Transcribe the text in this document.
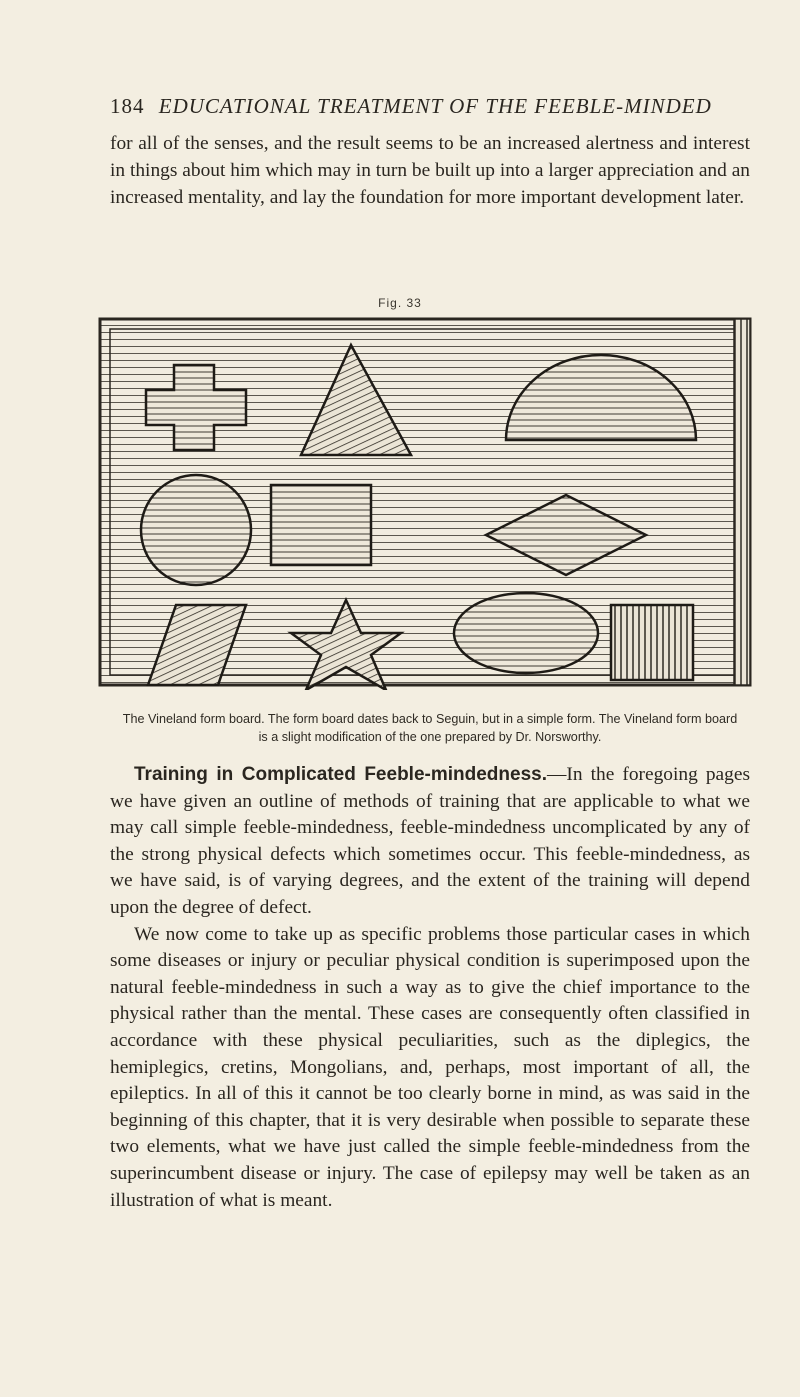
184 EDUCATIONAL TREATMENT OF THE FEEBLE-MINDED
for all of the senses, and the result seems to be an increased alertness and interest in things about him which may in turn be built up into a larger appreciation and an increased mentality, and lay the foundation for more important development later.
Fig. 33
The Vineland form board. The form board dates back to Seguin, but in a simple form. The Vineland form board is a slight modification of the one prepared by Dr. Norsworthy.

Training in Complicated Feeble-mindedness.—In the foregoing pages we have given an outline of methods of training that are applicable to what we may call simple feeble-mindedness, feeble-mindedness uncomplicated by any of the strong physical defects which sometimes occur. This feeble-mindedness, as we have said, is of varying degrees, and the extent of the training will depend upon the degree of defect.

We now come to take up as specific problems those particular cases in which some diseases or injury or peculiar physical condition is superimposed upon the natural feeble-mindedness in such a way as to give the chief importance to the physical rather than the mental. These cases are consequently often classified in accordance with these physical peculiarities, such as the diplegics, the hemiplegics, cretins, Mongolians, and, perhaps, most important of all, the epileptics. In all of this it cannot be too clearly borne in mind, as was said in the beginning of this chapter, that it is very desirable when possible to separate these two elements, what we have just called the simple feeble-mindedness from the superincumbent disease or injury. The case of epilepsy may well be taken as an illustration of what is meant.
